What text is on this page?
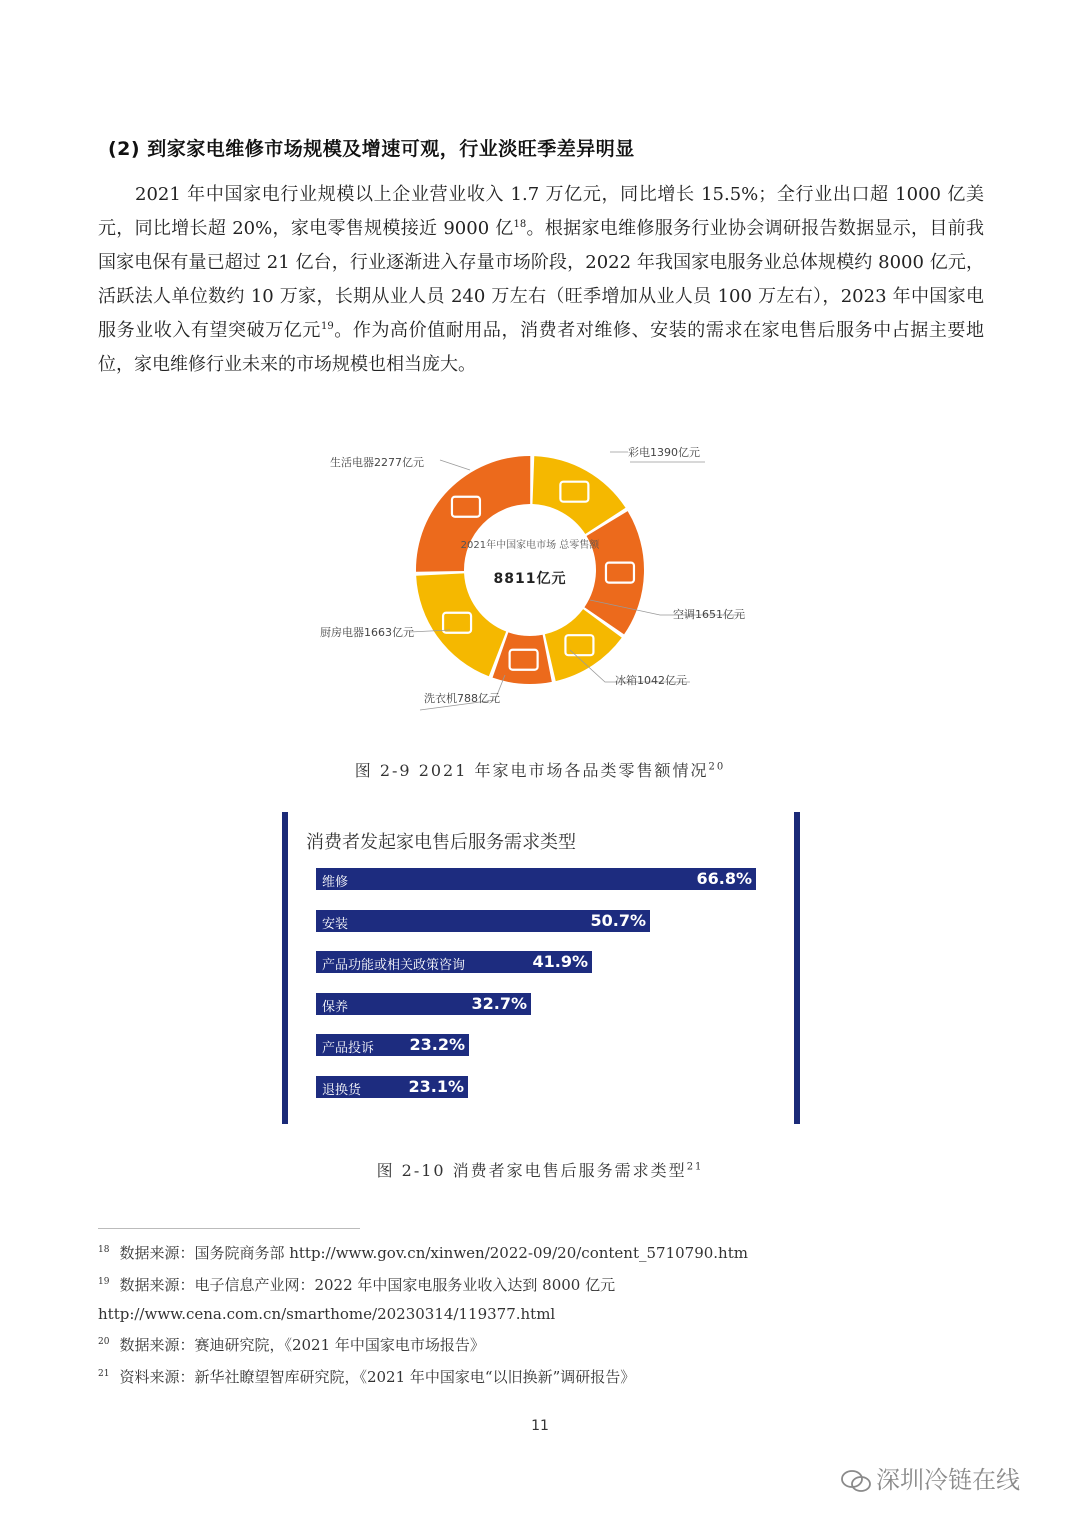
(2) 到家家电维修市场规模及增速可观，行业淡旺季差异明显
2021 年中国家电行业规模以上企业营业收入 1.7 万亿元，同比增长 15.5%；全行业出口超 1000 亿美元，同比增长超 20%，家电零售规模接近 9000 亿$^{18}$。根据家电维修服务行业协会调研报告数据显示，目前我国家电保有量已超过 21 亿台，行业逐渐进入存量市场阶段，2022 年我国家电服务业总体规模约 8000 亿元，活跃法人单位数约 10 万家，长期从业人员 240 万左右（旺季增加从业人员 100 万左右），2023 年中国家电服务业收入有望突破万亿元$^{19}$。作为高价值耐用品，消费者对维修、安装的需求在家电售后服务中占据主要地位，家电维修行业未来的市场规模也相当庞大。
2021年中国家电市场 总零售额
8811亿元
彩电1390亿元
空调1651亿元
冰箱1042亿元
洗衣机788亿元
厨房电器1663亿元
生活电器2277亿元
图 2-9 2021 年家电市场各品类零售额情况$^{20}$
消费者发起家电售后服务需求类型
维修	66.8%
安装	50.7%
产品功能或相关政策咨询	41.9%
保养	32.7%
产品投诉 23.2%
退换货	23.1%
图 2-10 消费者家电售后服务需求类型$^{21}$
$^{18}$ 数据来源：国务院商务部 http://www.gov.cn/xinwen/2022-09/20/content_5710790.htm
$^{19}$ 数据来源：电子信息产业网：2022 年中国家电服务业收入达到 8000 亿元
http://www.cena.com.cn/smarthome/20230314/119377.html
$^{20}$ 数据来源：赛迪研究院，《2021 年中国家电市场报告》
$^{21}$ 资料来源：新华社瞭望智库研究院，《2021 年中国家电“以旧换新”调研报告》
11
深圳冷链在线
